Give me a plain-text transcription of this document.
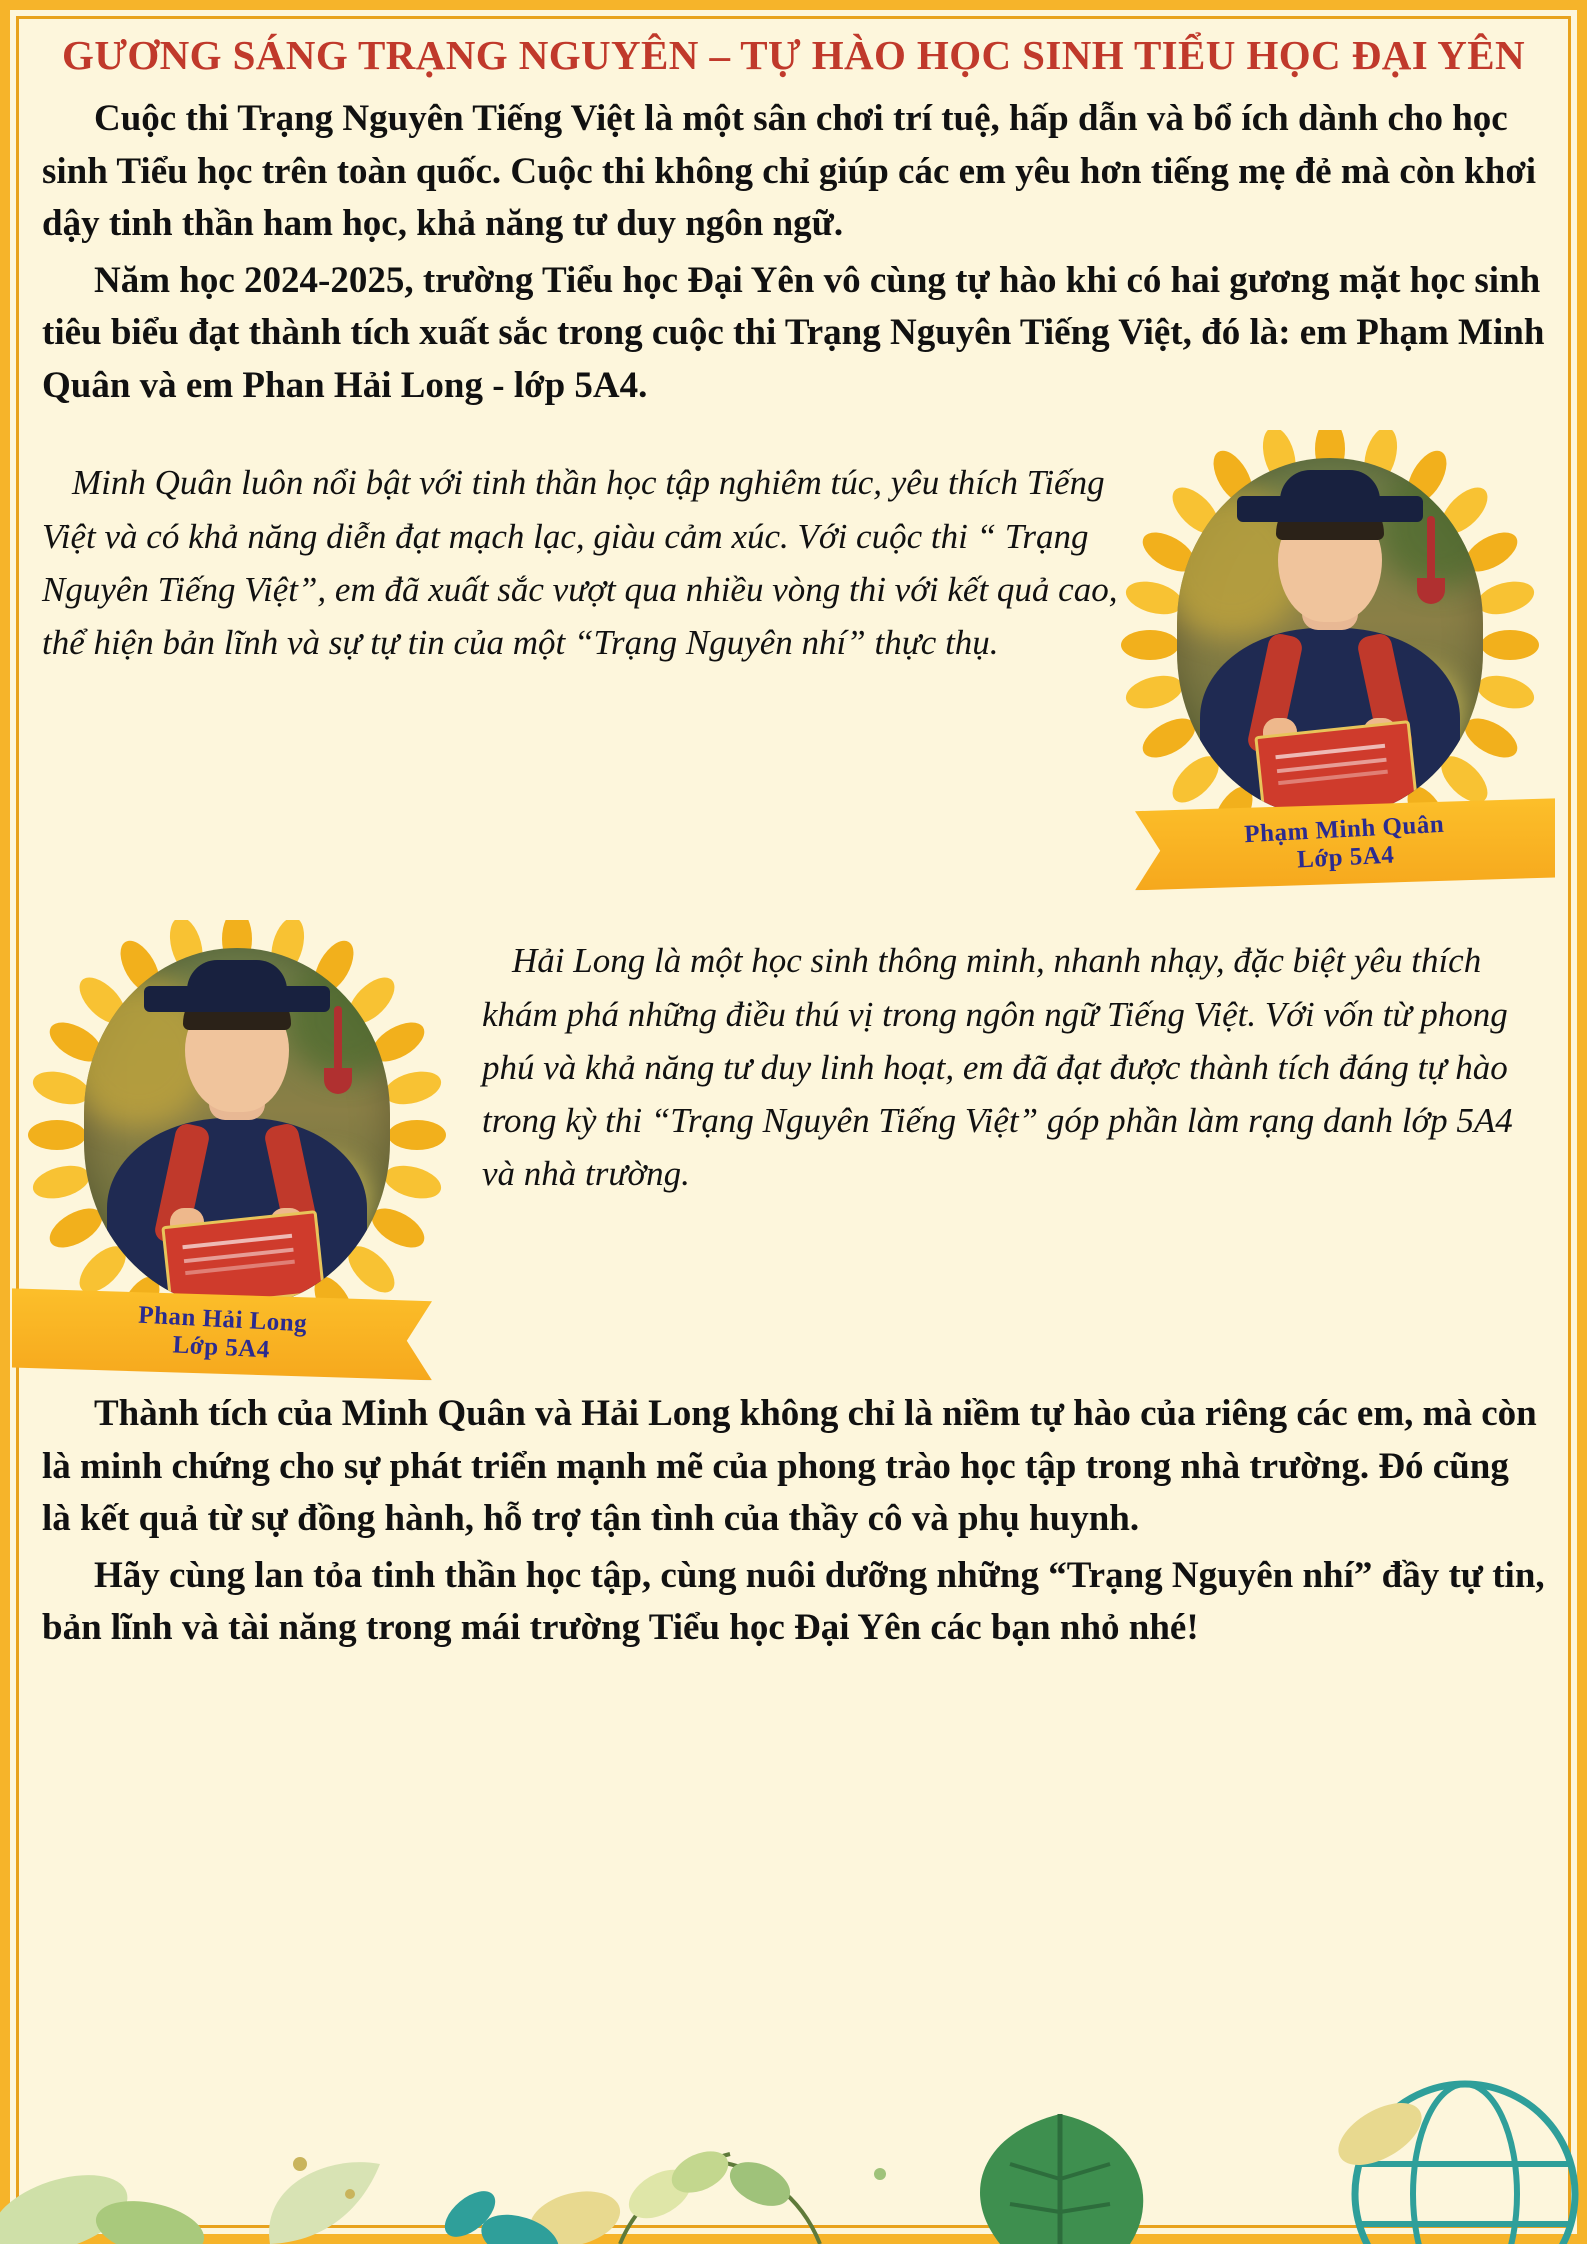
GƯƠNG SÁNG TRẠNG NGUYÊN – TỰ HÀO HỌC SINH TIỂU HỌC ĐẠI YÊN

Cuộc thi Trạng Nguyên Tiếng Việt là một sân chơi trí tuệ, hấp dẫn và bổ ích dành cho học sinh Tiểu học trên toàn quốc. Cuộc thi không chỉ giúp các em yêu hơn tiếng mẹ đẻ mà còn khơi dậy tinh thần ham học, khả năng tư duy ngôn ngữ.

Năm học 2024-2025, trường Tiểu học Đại Yên vô cùng tự hào khi có hai gương mặt học sinh tiêu biểu đạt thành tích xuất sắc trong cuộc thi Trạng Nguyên Tiếng Việt, đó là: em Phạm Minh Quân và em Phan Hải Long - lớp 5A4.

Minh Quân luôn nổi bật với tinh thần học tập nghiêm túc, yêu thích Tiếng Việt và có khả năng diễn đạt mạch lạc, giàu cảm xúc. Với cuộc thi “ Trạng Nguyên Tiếng Việt”, em đã xuất sắc vượt qua nhiều vòng thi với kết quả cao, thể hiện bản lĩnh và sự tự tin của một “Trạng Nguyên nhí” thực thụ.

Phạm Minh Quân
Lớp 5A4

Hải Long là một học sinh thông minh, nhanh nhạy, đặc biệt yêu thích khám phá những điều thú vị trong ngôn ngữ Tiếng Việt. Với vốn từ phong phú và khả năng tư duy linh hoạt, em đã đạt được thành tích đáng tự hào trong kỳ thi “Trạng Nguyên Tiếng Việt” góp phần làm rạng danh lớp 5A4 và nhà trường.

Phan Hải Long
Lớp 5A4

Thành tích của Minh Quân và Hải Long không chỉ là niềm tự hào của riêng các em, mà còn là minh chứng cho sự phát triển mạnh mẽ của phong trào học tập trong nhà trường. Đó cũng là kết quả từ sự đồng hành, hỗ trợ tận tình của thầy cô và phụ huynh.

Hãy cùng lan tỏa tinh thần học tập, cùng nuôi dưỡng những “Trạng Nguyên nhí” đầy tự tin, bản lĩnh và tài năng trong mái trường Tiểu học Đại Yên các bạn nhỏ nhé!
